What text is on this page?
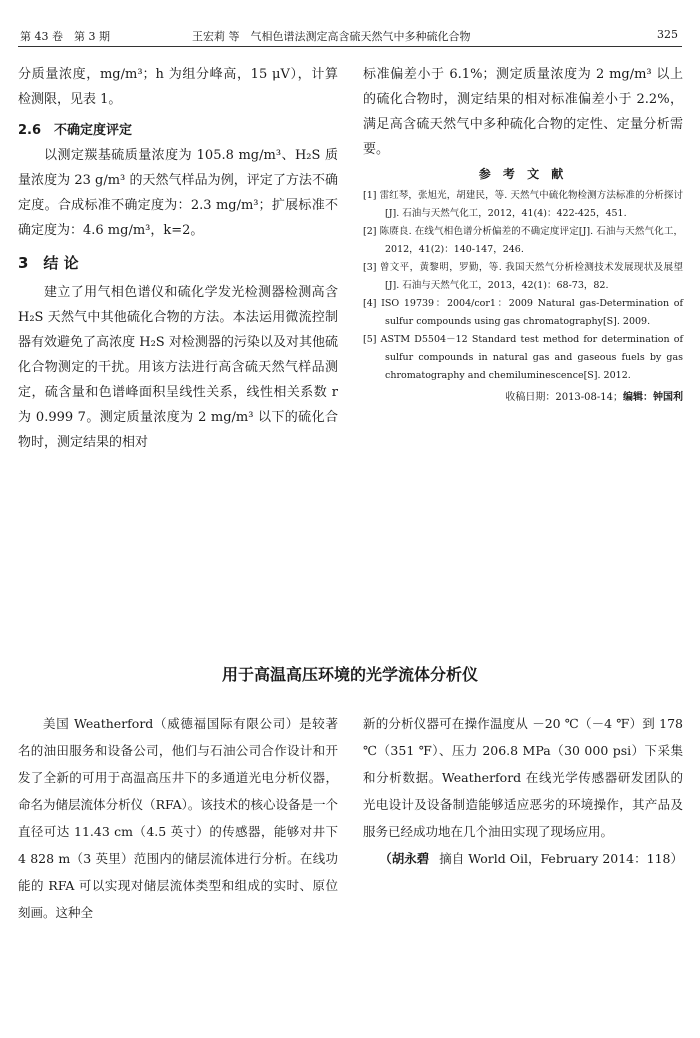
第 43 卷　第 3 期	王宏莉 等　气相色谱法测定高含硫天然气中多种硫化合物	325

分质量浓度，mg/m³；h 为组分峰高，15 μV），计算检测限，见表 1。

2.6　不确定度评定

以测定羰基硫质量浓度为 105.8 mg/m³、H₂S 质量浓度为 23 g/m³ 的天然气样品为例，评定了方法不确定度。合成标准不确定度为：2.3 mg/m³；扩展标准不确定度为：4.6 mg/m³，k=2。

3　结 论

建立了用气相色谱仪和硫化学发光检测器检测高含 H₂S 天然气中其他硫化合物的方法。本法运用微流控制器有效避免了高浓度 H₂S 对检测器的污染以及对其他硫化合物测定的干扰。用该方法进行高含硫天然气样品测定，硫含量和色谱峰面积呈线性关系，线性相关系数 r 为 0.999 7。测定质量浓度为 2 mg/m³ 以下的硫化合物时，测定结果的相对

标准偏差小于 6.1%；测定质量浓度为 2 mg/m³ 以上的硫化合物时，测定结果的相对标准偏差小于 2.2%，满足高含硫天然气中多种硫化合物的定性、定量分析需要。

参 考 文 献

[1] 雷红琴，张旭光，胡建民，等. 天然气中硫化物检测方法标准的分析探讨[J]. 石油与天然气化工，2012，41(4)：422-425，451.
[2] 陈赓良. 在线气相色谱分析偏差的不确定度评定[J]. 石油与天然气化工，2012，41(2)：140-147，246.
[3] 曾文平，黄黎明，罗勤，等. 我国天然气分析检测技术发展现状及展望[J]. 石油与天然气化工，2013，42(1)：68-73，82.
[4] ISO 19739：2004/cor1：2009 Natural gas-Determination of sulfur compounds using gas chromatography[S]. 2009.
[5] ASTM D5504－12 Standard test method for determination of sulfur compounds in natural gas and gaseous fuels by gas chromatography and chemiluminescence[S]. 2012.

收稿日期：2013-08-14；编辑：钟国利

用于高温高压环境的光学流体分析仪

美国 Weatherford（威德福国际有限公司）是较著名的油田服务和设备公司，他们与石油公司合作设计和开发了全新的可用于高温高压井下的多通道光电分析仪器，命名为储层流体分析仪（RFA）。该技术的核心设备是一个直径可达 11.43 cm（4.5 英寸）的传感器，能够对井下 4 828 m（3 英里）范围内的储层流体进行分析。在线功能的 RFA 可以实现对储层流体类型和组成的实时、原位刻画。这种全

新的分析仪器可在操作温度从 －20 ℃（－4 ℉）到 178 ℃（351 ℉）、压力 206.8 MPa（30 000 psi）下采集和分析数据。Weatherford 在线光学传感器研发团队的光电设计及设备制造能够适应恶劣的环境操作，其产品及服务已经成功地在几个油田实现了现场应用。

（胡永碧 摘自 World Oil，February 2014：118）
